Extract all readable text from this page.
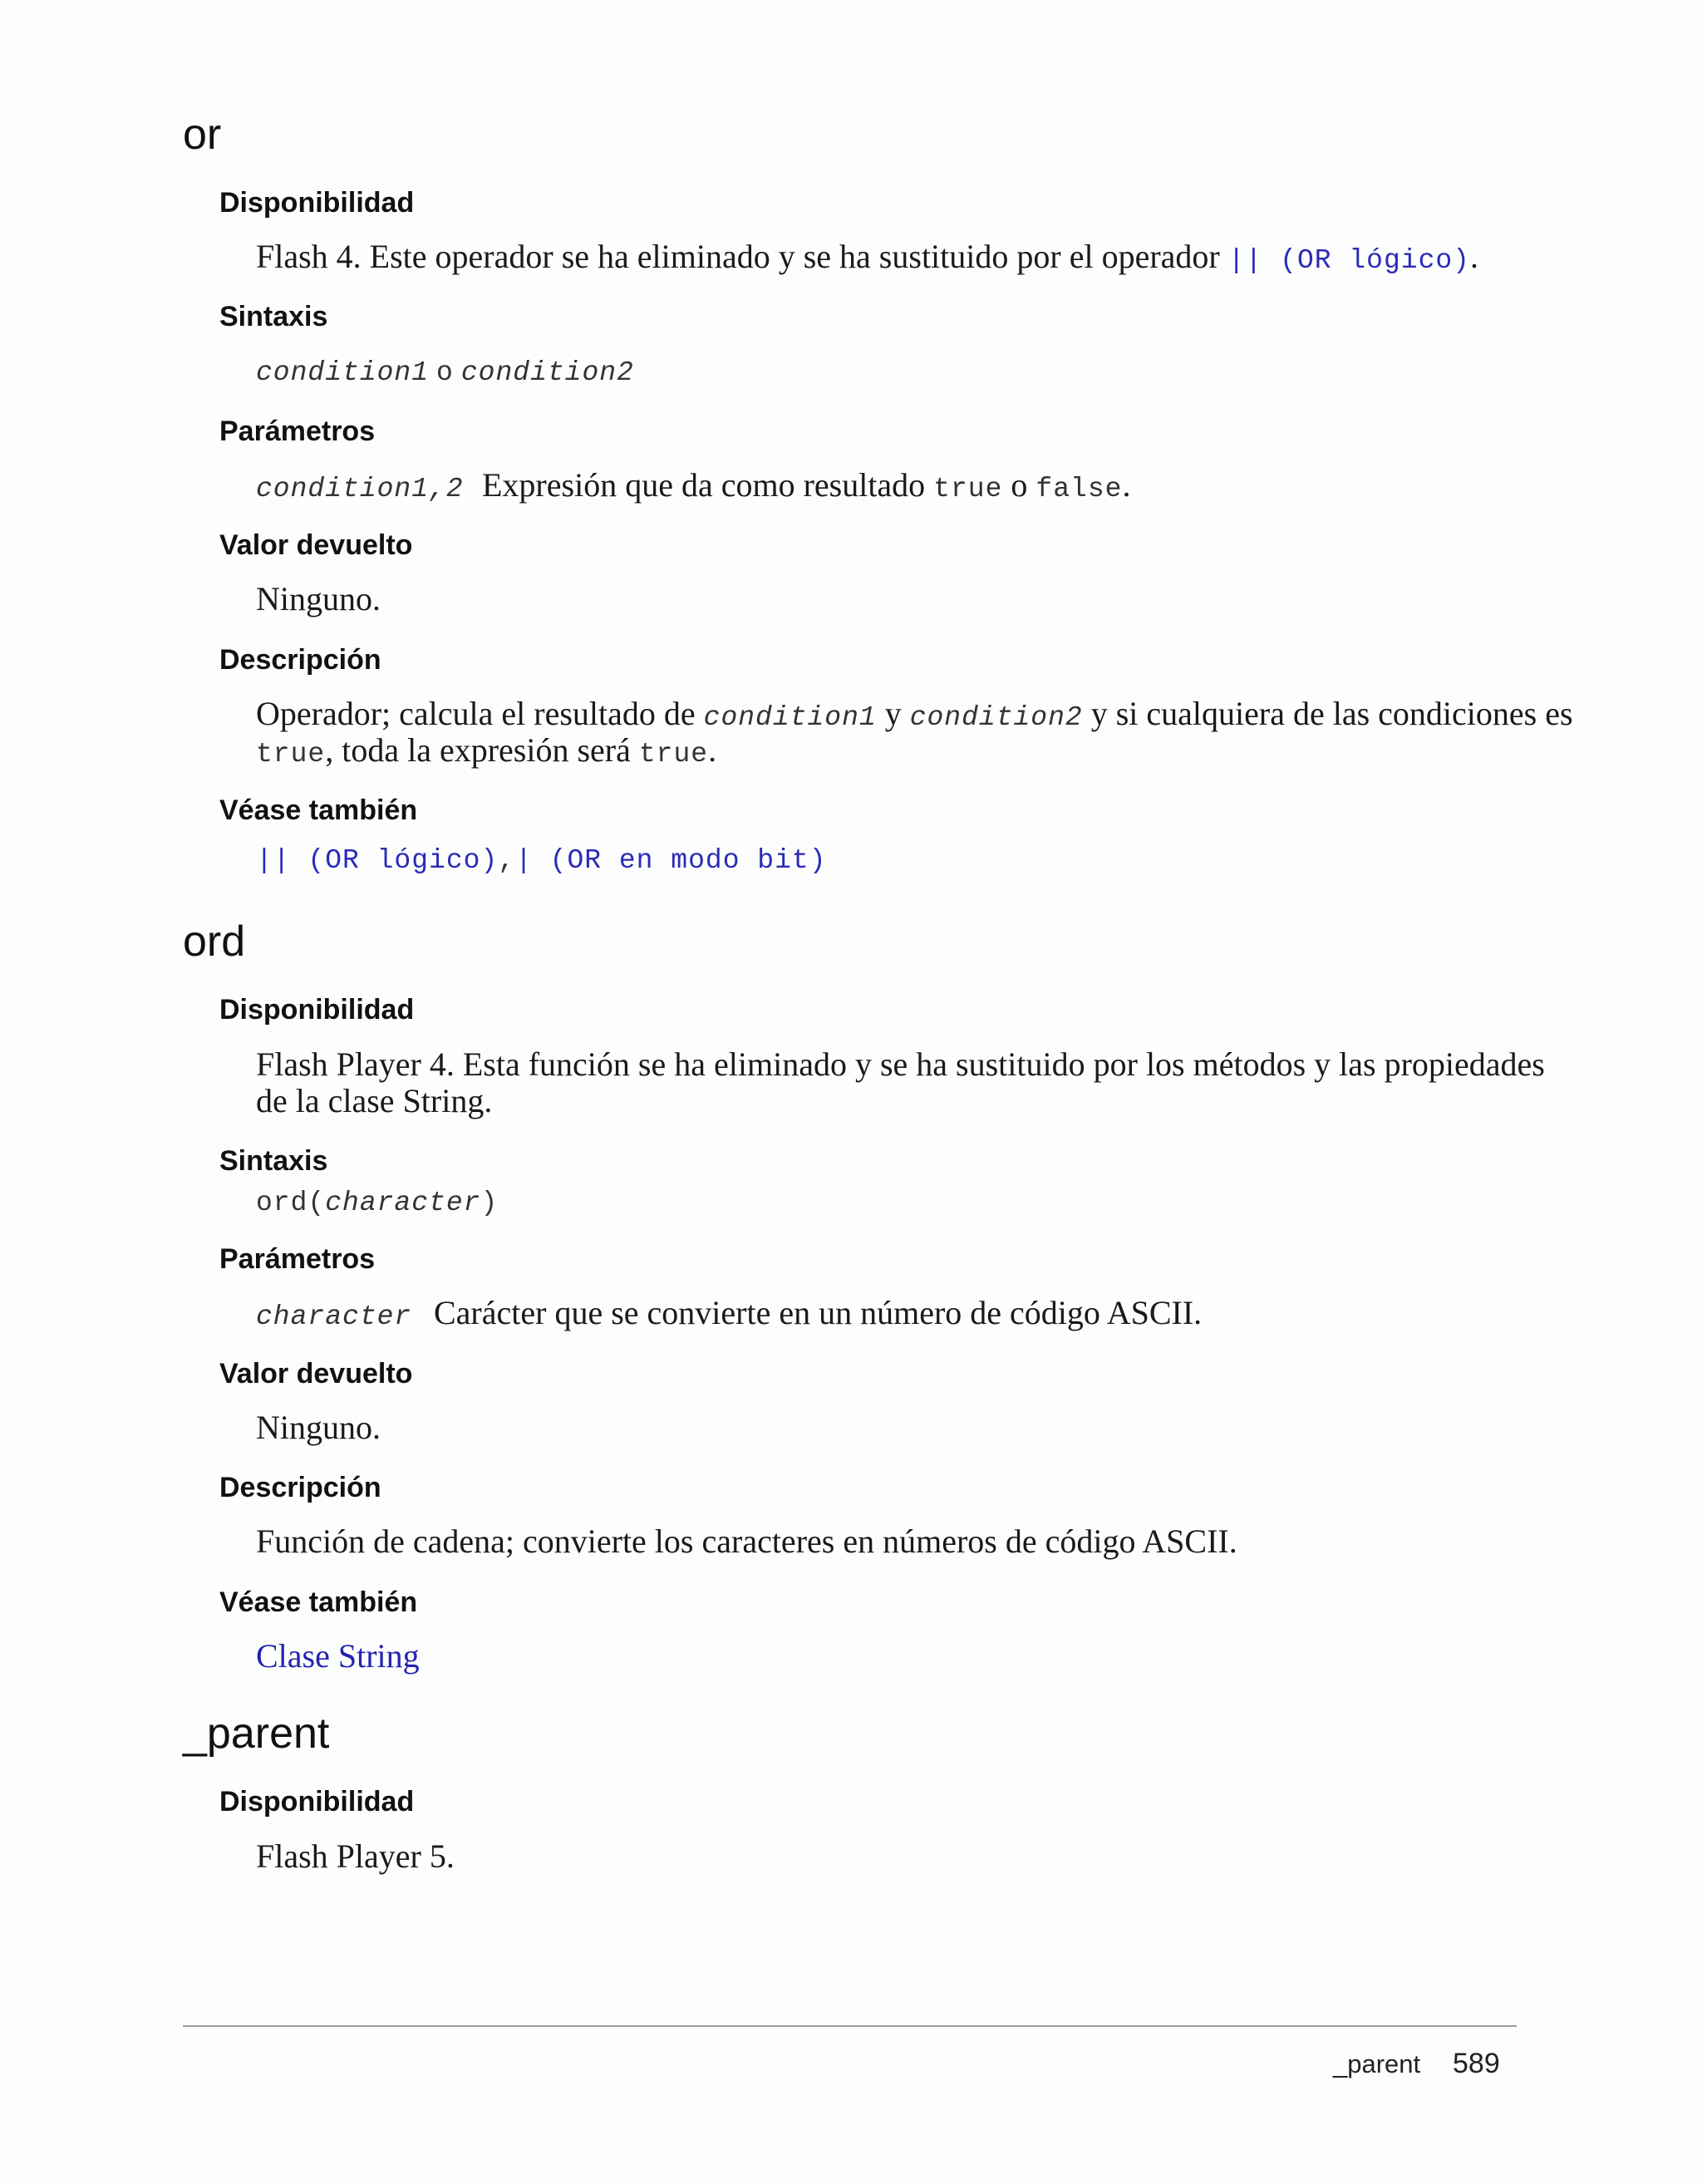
or
Disponibilidad
Flash 4. Este operador se ha eliminado y se ha sustituido por el operador || (OR lógico).
Sintaxis
condition1 o condition2
Parámetros
condition1,2 Expresión que da como resultado true o false.
Valor devuelto
Ninguno.
Descripción
Operador; calcula el resultado de condition1 y condition2 y si cualquiera de las condiciones es
true, toda la expresión será true.
Véase también
|| (OR lógico),| (OR en modo bit)
ord
Disponibilidad
Flash Player 4. Esta función se ha eliminado y se ha sustituido por los métodos y las propiedades
de la clase String.
Sintaxis
ord(character)
Parámetros
character Carácter que se convierte en un número de código ASCII.
Valor devuelto
Ninguno.
Descripción
Función de cadena; convierte los caracteres en números de código ASCII.
Véase también
Clase String
_parent
Disponibilidad
Flash Player 5.
_parent 589
